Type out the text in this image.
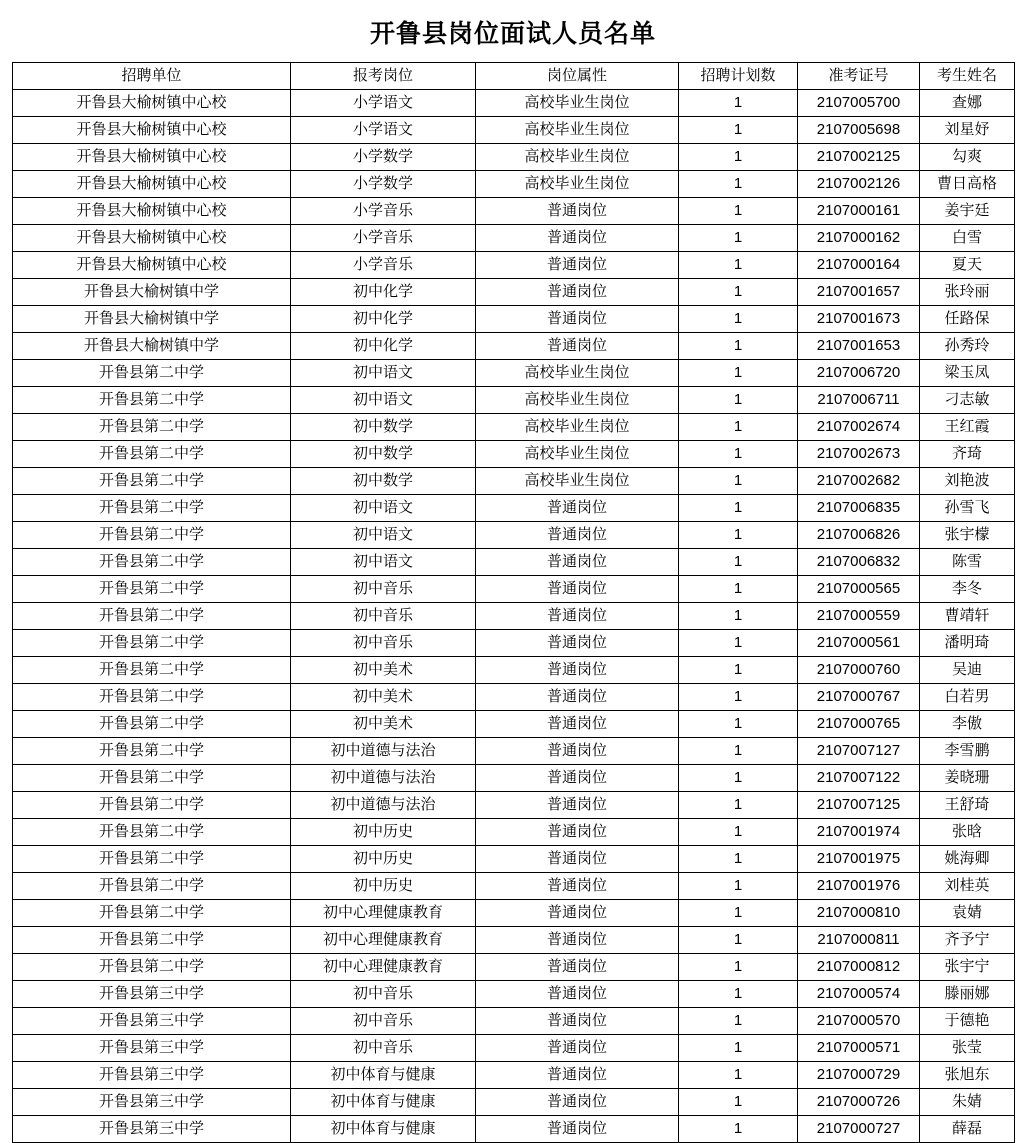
开鲁县岗位面试人员名单
招聘单位	报考岗位	岗位属性	招聘计划数	准考证号	考生姓名
开鲁县大榆树镇中心校	小学语文	高校毕业生岗位	1	2107005700	查娜
开鲁县大榆树镇中心校	小学语文	高校毕业生岗位	1	2107005698	刘星妤
开鲁县大榆树镇中心校	小学数学	高校毕业生岗位	1	2107002125	勾爽
开鲁县大榆树镇中心校	小学数学	高校毕业生岗位	1	2107002126	曹日高格
开鲁县大榆树镇中心校	小学音乐	普通岗位	1	2107000161	姜宇廷
开鲁县大榆树镇中心校	小学音乐	普通岗位	1	2107000162	白雪
开鲁县大榆树镇中心校	小学音乐	普通岗位	1	2107000164	夏天
开鲁县大榆树镇中学	初中化学	普通岗位	1	2107001657	张玲丽
开鲁县大榆树镇中学	初中化学	普通岗位	1	2107001673	任路保
开鲁县大榆树镇中学	初中化学	普通岗位	1	2107001653	孙秀玲
开鲁县第二中学	初中语文	高校毕业生岗位	1	2107006720	梁玉凤
开鲁县第二中学	初中语文	高校毕业生岗位	1	2107006711	刁志敏
开鲁县第二中学	初中数学	高校毕业生岗位	1	2107002674	王红霞
开鲁县第二中学	初中数学	高校毕业生岗位	1	2107002673	齐琦
开鲁县第二中学	初中数学	高校毕业生岗位	1	2107002682	刘艳波
开鲁县第二中学	初中语文	普通岗位	1	2107006835	孙雪飞
开鲁县第二中学	初中语文	普通岗位	1	2107006826	张宇檬
开鲁县第二中学	初中语文	普通岗位	1	2107006832	陈雪
开鲁县第二中学	初中音乐	普通岗位	1	2107000565	李冬
开鲁县第二中学	初中音乐	普通岗位	1	2107000559	曹靖轩
开鲁县第二中学	初中音乐	普通岗位	1	2107000561	潘明琦
开鲁县第二中学	初中美术	普通岗位	1	2107000760	吴迪
开鲁县第二中学	初中美术	普通岗位	1	2107000767	白若男
开鲁县第二中学	初中美术	普通岗位	1	2107000765	李傲
开鲁县第二中学	初中道德与法治	普通岗位	1	2107007127	李雪鹏
开鲁县第二中学	初中道德与法治	普通岗位	1	2107007122	姜晓珊
开鲁县第二中学	初中道德与法治	普通岗位	1	2107007125	王舒琦
开鲁县第二中学	初中历史	普通岗位	1	2107001974	张晗
开鲁县第二中学	初中历史	普通岗位	1	2107001975	姚海卿
开鲁县第二中学	初中历史	普通岗位	1	2107001976	刘桂英
开鲁县第二中学	初中心理健康教育	普通岗位	1	2107000810	袁婧
开鲁县第二中学	初中心理健康教育	普通岗位	1	2107000811	齐予宁
开鲁县第二中学	初中心理健康教育	普通岗位	1	2107000812	张宇宁
开鲁县第三中学	初中音乐	普通岗位	1	2107000574	滕丽娜
开鲁县第三中学	初中音乐	普通岗位	1	2107000570	于德艳
开鲁县第三中学	初中音乐	普通岗位	1	2107000571	张莹
开鲁县第三中学	初中体育与健康	普通岗位	1	2107000729	张旭东
开鲁县第三中学	初中体育与健康	普通岗位	1	2107000726	朱婧
开鲁县第三中学	初中体育与健康	普通岗位	1	2107000727	薛磊
